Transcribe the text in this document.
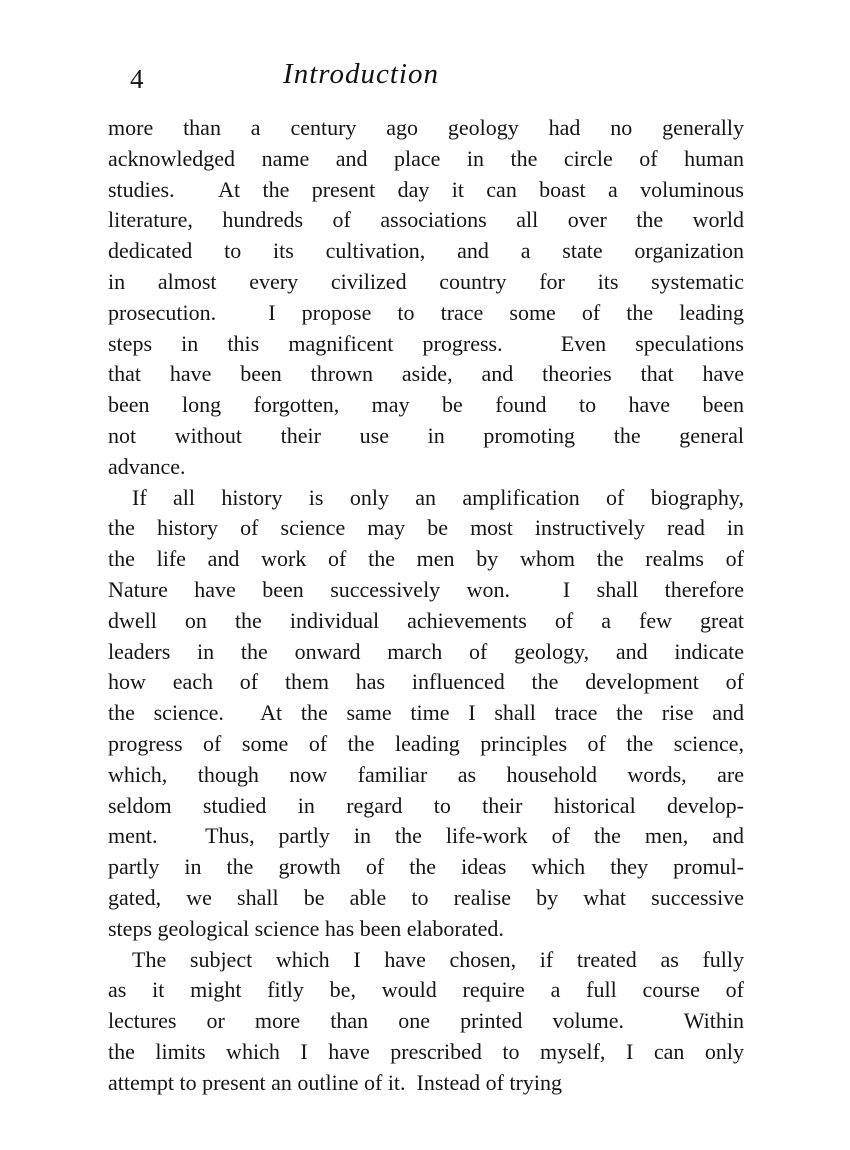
4	Introduction
more than a century ago geology had no generally
acknowledged name and place in the circle of human
studies.  At the present day it can boast a voluminous
literature, hundreds of associations all over the world
dedicated to its cultivation, and a state organization
in almost every civilized country for its systematic
prosecution.  I propose to trace some of the leading
steps in this magnificent progress.  Even speculations
that have been thrown aside, and theories that have
been long forgotten, may be found to have been
not without their use in promoting the general
advance.
If all history is only an amplification of biography,
the history of science may be most instructively read in
the life and work of the men by whom the realms of
Nature have been successively won.  I shall therefore
dwell on the individual achievements of a few great
leaders in the onward march of geology, and indicate
how each of them has influenced the development of
the science.  At the same time I shall trace the rise and
progress of some of the leading principles of the science,
which, though now familiar as household words, are
seldom studied in regard to their historical develop-
ment.  Thus, partly in the life-work of the men, and
partly in the growth of the ideas which they promul-
gated, we shall be able to realise by what successive
steps geological science has been elaborated.
The subject which I have chosen, if treated as fully
as it might fitly be, would require a full course of
lectures or more than one printed volume.  Within
the limits which I have prescribed to myself, I can only
attempt to present an outline of it.  Instead of trying
